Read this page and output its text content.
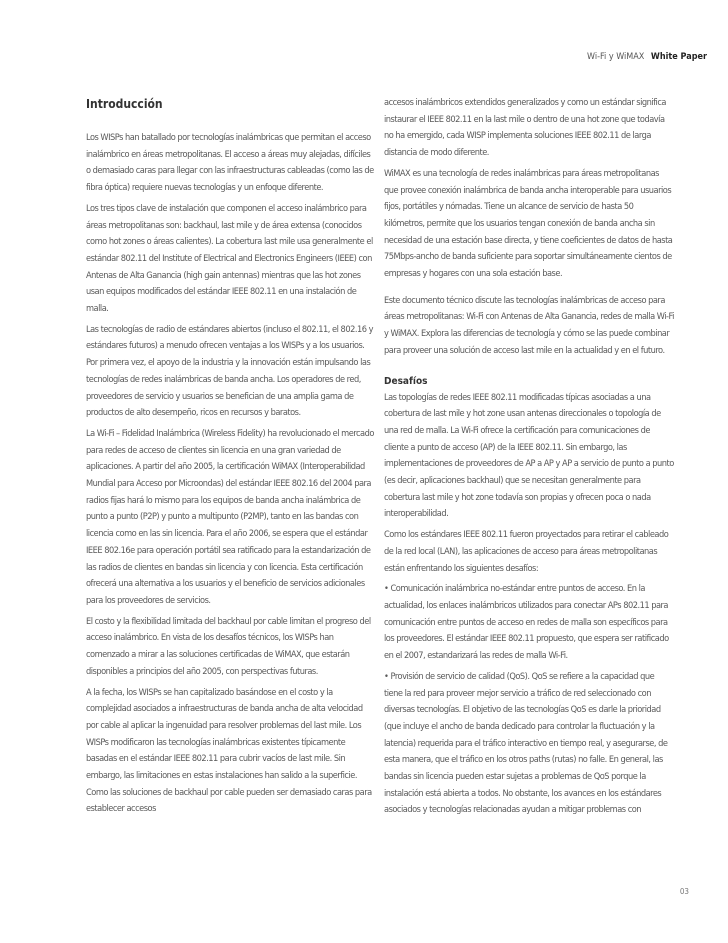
Wi-Fi y WiMAX White Paper
Introducción

Los WISPs han batallado por tecnologías inalámbricas que permitan el acceso inalámbrico en áreas metropolitanas. El acceso a áreas muy alejadas, difíciles o demasiado caras para llegar con las infraestructuras cableadas (como las de fibra óptica) requiere nuevas tecnologías y un enfoque diferente.

Los tres tipos clave de instalación que componen el acceso inalámbrico para áreas metropolitanas son: backhaul, last mile y de área extensa (conocidos como hot zones o áreas calientes). La cobertura last mile usa generalmente el estándar 802.11 del Institute of Electrical and Electronics Engineers (IEEE) con Antenas de Alta Ganancia (high gain antennas) mientras que las hot zones usan equipos modificados del estándar IEEE 802.11 en una instalación de malla.

Las tecnologías de radio de estándares abiertos (incluso el 802.11, el 802.16 y estándares futuros) a menudo ofrecen ventajas a los WISPs y a los usuarios. Por primera vez, el apoyo de la industria y la innovación están impulsando las tecnologías de redes inalámbricas de banda ancha. Los operadores de red, proveedores de servicio y usuarios se benefician de una amplia gama de productos de alto desempeño, ricos en recursos y baratos.

La Wi-Fi – Fidelidad Inalámbrica (Wireless Fidelity) ha revolucionado el mercado para redes de acceso de clientes sin licencia en una gran variedad de aplicaciones. A partir del año 2005, la certificación WiMAX (Interoperabilidad Mundial para Acceso por Microondas) del estándar IEEE 802.16 del 2004 para radios fijas hará lo mismo para los equipos de banda ancha inalámbrica de punto a punto (P2P) y punto a multipunto (P2MP), tanto en las bandas con licencia como en las sin licencia. Para el año 2006, se espera que el estándar IEEE 802.16e para operación portátil sea ratificado para la estandarización de las radios de clientes en bandas sin licencia y con licencia. Esta certificación ofrecerá una alternativa a los usuarios y el beneficio de servicios adicionales para los proveedores de servicios.

El costo y la flexibilidad limitada del backhaul por cable limitan el progreso del acceso inalámbrico. En vista de los desafíos técnicos, los WISPs han comenzado a mirar a las soluciones certificadas de WiMAX, que estarán disponibles a principios del año 2005, con perspectivas futuras.

A la fecha, los WISPs se han capitalizado basándose en el costo y la complejidad asociados a infraestructuras de banda ancha de alta velocidad por cable al aplicar la ingenuidad para resolver problemas del last mile. Los WISPs modificaron las tecnologías inalámbricas existentes típicamente basadas en el estándar IEEE 802.11 para cubrir vacíos de last mile. Sin embargo, las limitaciones en estas instalaciones han salido a la superficie. Como las soluciones de backhaul por cable pueden ser demasiado caras para establecer accesos

accesos inalámbricos extendidos generalizados y como un estándar significa instaurar el IEEE 802.11 en la last mile o dentro de una hot zone que todavía no ha emergido, cada WISP implementa soluciones IEEE 802.11 de larga distancia de modo diferente.

WiMAX es una tecnología de redes inalámbricas para áreas metropolitanas que provee conexión inalámbrica de banda ancha interoperable para usuarios fijos, portátiles y nómadas. Tiene un alcance de servicio de hasta 50 kilómetros, permite que los usuarios tengan conexión de banda ancha sin necesidad de una estación base directa, y tiene coeficientes de datos de hasta 75Mbps-ancho de banda suficiente para soportar simultáneamente cientos de empresas y hogares con una sola estación base.

Este documento técnico discute las tecnologías inalámbricas de acceso para áreas metropolitanas: Wi-Fi con Antenas de Alta Ganancia, redes de malla Wi-Fi y WiMAX. Explora las diferencias de tecnología y cómo se las puede combinar para proveer una solución de acceso last mile en la actualidad y en el futuro.

Desafíos

Las topologías de redes IEEE 802.11 modificadas típicas asociadas a una cobertura de last mile y hot zone usan antenas direccionales o topología de una red de malla. La Wi-Fi ofrece la certificación para comunicaciones de cliente a punto de acceso (AP) de la IEEE 802.11. Sin embargo, las implementaciones de proveedores de AP a AP y AP a servicio de punto a punto (es decir, aplicaciones backhaul) que se necesitan generalmente para cobertura last mile y hot zone todavía son propias y ofrecen poca o nada interoperabilidad.

Como los estándares IEEE 802.11 fueron proyectados para retirar el cableado de la red local (LAN), las aplicaciones de acceso para áreas metropolitanas están enfrentando los siguientes desafíos:

• Comunicación inalámbrica no-estándar entre puntos de acceso. En la actualidad, los enlaces inalámbricos utilizados para conectar APs 802.11 para comunicación entre puntos de acceso en redes de malla son específicos para los proveedores. El estándar IEEE 802.11 propuesto, que espera ser ratificado en el 2007, estandarizará las redes de malla Wi-Fi.

• Provisión de servicio de calidad (QoS). QoS se refiere a la capacidad que tiene la red para proveer mejor servicio a tráfico de red seleccionado con diversas tecnologías. El objetivo de las tecnologías QoS es darle la prioridad (que incluye el ancho de banda dedicado para controlar la fluctuación y la latencia) requerida para el tráfico interactivo en tiempo real, y asegurarse, de esta manera, que el tráfico en los otros paths (rutas) no falle. En general, las bandas sin licencia pueden estar sujetas a problemas de QoS porque la instalación está abierta a todos. No obstante, los avances en los estándares asociados y tecnologías relacionadas ayudan a mitigar problemas con

03
